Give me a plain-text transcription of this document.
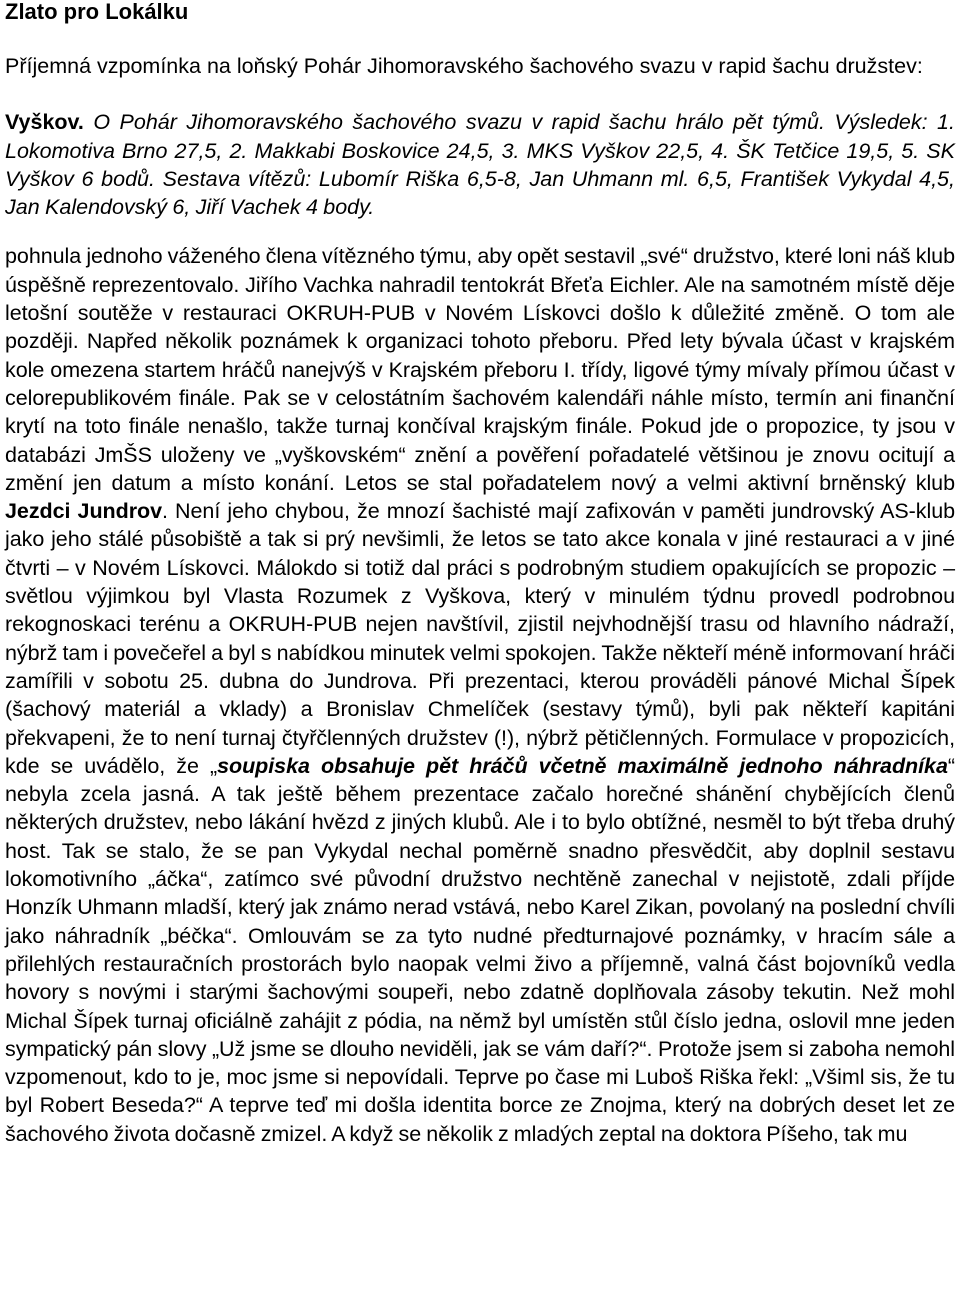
Zlato pro Lokálku

Příjemná vzpomínka na loňský Pohár Jihomoravského šachového svazu v rapid šachu družstev:

Vyškov. O Pohár Jihomoravského šachového svazu v rapid šachu hrálo pět týmů. Výsledek: 1. Lokomotiva Brno 27,5, 2. Makkabi Boskovice 24,5, 3. MKS Vyškov 22,5, 4. ŠK Tetčice 19,5, 5. SK Vyškov 6 bodů. Sestava vítězů: Lubomír Riška 6,5-8, Jan Uhmann ml. 6,5, František Vykydal 4,5, Jan Kalendovský 6, Jiří Vachek 4 body.

pohnula jednoho váženého člena vítězného týmu, aby opět sestavil „své“ družstvo, které loni náš klub úspěšně reprezentovalo. Jiřího Vachka nahradil tentokrát Břeťa Eichler. Ale na samotném místě děje letošní soutěže v restauraci OKRUH-PUB v Novém Lískovci došlo k důležité změně. O tom ale později. Napřed několik poznámek k organizaci tohoto přeboru. Před lety bývala účast v krajském kole omezena startem hráčů nanejvýš v Krajském přeboru I. třídy, ligové týmy mívaly přímou účast v celorepublikovém finále. Pak se v celostátním šachovém kalendáři náhle místo, termín ani finanční krytí na toto finále nenašlo, takže turnaj končíval krajským finále. Pokud jde o propozice, ty jsou v databázi JmŠS uloženy ve „vyškovském“ znění a pověření pořadatelé většinou je znovu ocitují a změní jen datum a místo konání. Letos se stal pořadatelem nový a velmi aktivní brněnský klub Jezdci Jundrov. Není jeho chybou, že mnozí šachisté mají zafixován v paměti jundrovský AS-klub jako jeho stálé působiště a tak si prý nevšimli, že letos se tato akce konala v jiné restauraci a v jiné čtvrti – v Novém Lískovci. Málokdo si totiž dal práci s podrobným studiem opakujících se propozic – světlou výjimkou byl Vlasta Rozumek z Vyškova, který v minulém týdnu provedl podrobnou rekognoskaci terénu a OKRUH-PUB nejen navštívil, zjistil nejvhodnější trasu od hlavního nádraží, nýbrž tam i povečeřel a byl s nabídkou minutek velmi spokojen. Takže někteří méně informovaní hráči zamířili v sobotu 25. dubna do Jundrova. Při prezentaci, kterou prováděli pánové Michal Šípek (šachový materiál a vklady) a Bronislav Chmelíček (sestavy týmů), byli pak někteří kapitáni překvapeni, že to není turnaj čtyřčlenných družstev (!), nýbrž pětičlenných. Formulace v propozicích, kde se uvádělo, že „soupiska obsahuje pět hráčů včetně maximálně jednoho náhradníka“ nebyla zcela jasná. A tak ještě během prezentace začalo horečné shánění chybějících členů některých družstev, nebo lákání hvězd z jiných klubů. Ale i to bylo obtížné, nesměl to být třeba druhý host. Tak se stalo, že se pan Vykydal nechal poměrně snadno přesvědčit, aby doplnil sestavu lokomotivního „áčka“, zatímco své původní družstvo nechtěně zanechal v nejistotě, zdali příjde Honzík Uhmann mladší, který jak známo nerad vstává, nebo Karel Zikan, povolaný na poslední chvíli jako náhradník „béčka“. Omlouvám se za tyto nudné předturnajové poznámky, v hracím sále a přilehlých restauračních prostorách bylo naopak velmi živo a příjemně, valná část bojovníků vedla hovory s novými i starými šachovými soupeři, nebo zdatně doplňovala zásoby tekutin. Než mohl Michal Šípek turnaj oficiálně zahájit z pódia, na němž byl umístěn stůl číslo jedna, oslovil mne jeden sympatický pán slovy „Už jsme se dlouho neviděli, jak se vám daří?“. Protože jsem si zaboha nemohl vzpomenout, kdo to je, moc jsme si nepovídali. Teprve po čase mi Luboš Riška řekl: „Všiml sis, že tu byl Robert Beseda?“ A teprve teď mi došla identita borce ze Znojma, který na dobrých deset let ze šachového života dočasně zmizel. A když se několik z mladých zeptal na doktora Píšeho, tak mu
